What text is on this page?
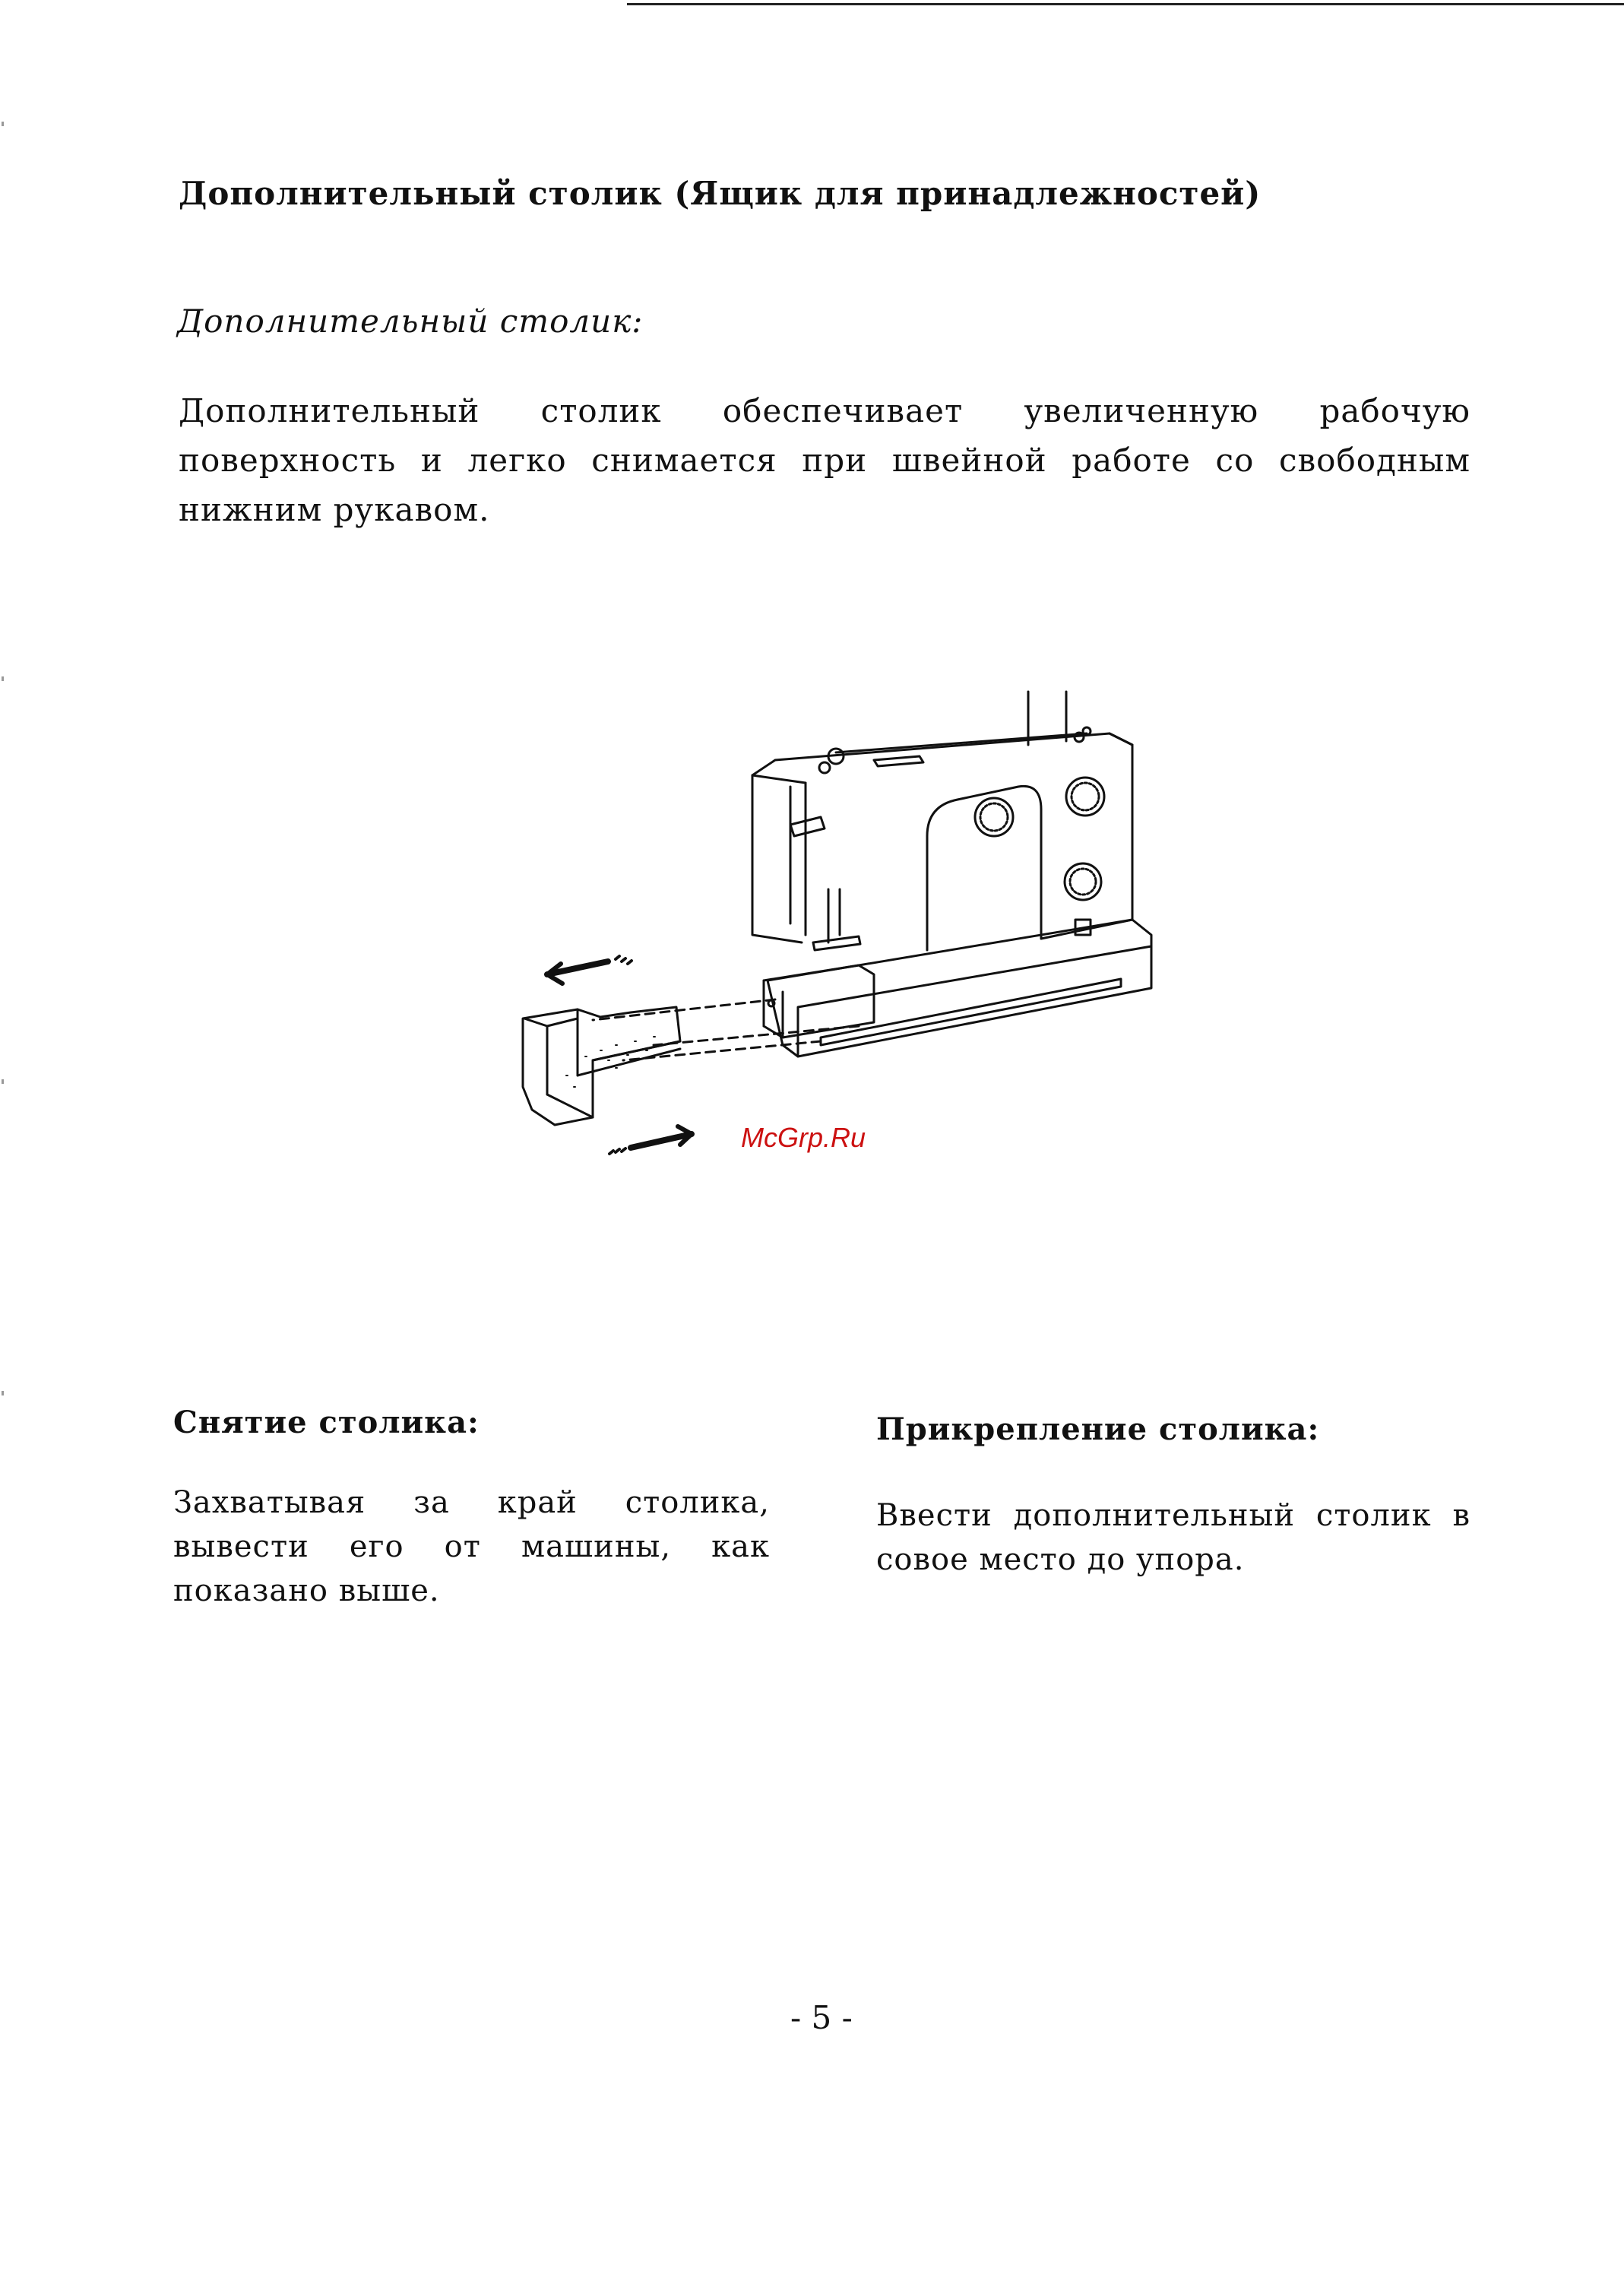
Дополнительный столик (Ящик для принадлежностей)
Дополнительный столик:
Дополнительный столик обеспечивает увеличенную рабочую поверхность и легко снимается при швейной работе со свободным нижним рукавом.
McGrp.Ru
Снятие столика:
Захватывая за край столика, вывести его от машины, как показано выше.
Прикрепление столика:
Ввести дополнительный столик в совое место до упора.
- 5 -
